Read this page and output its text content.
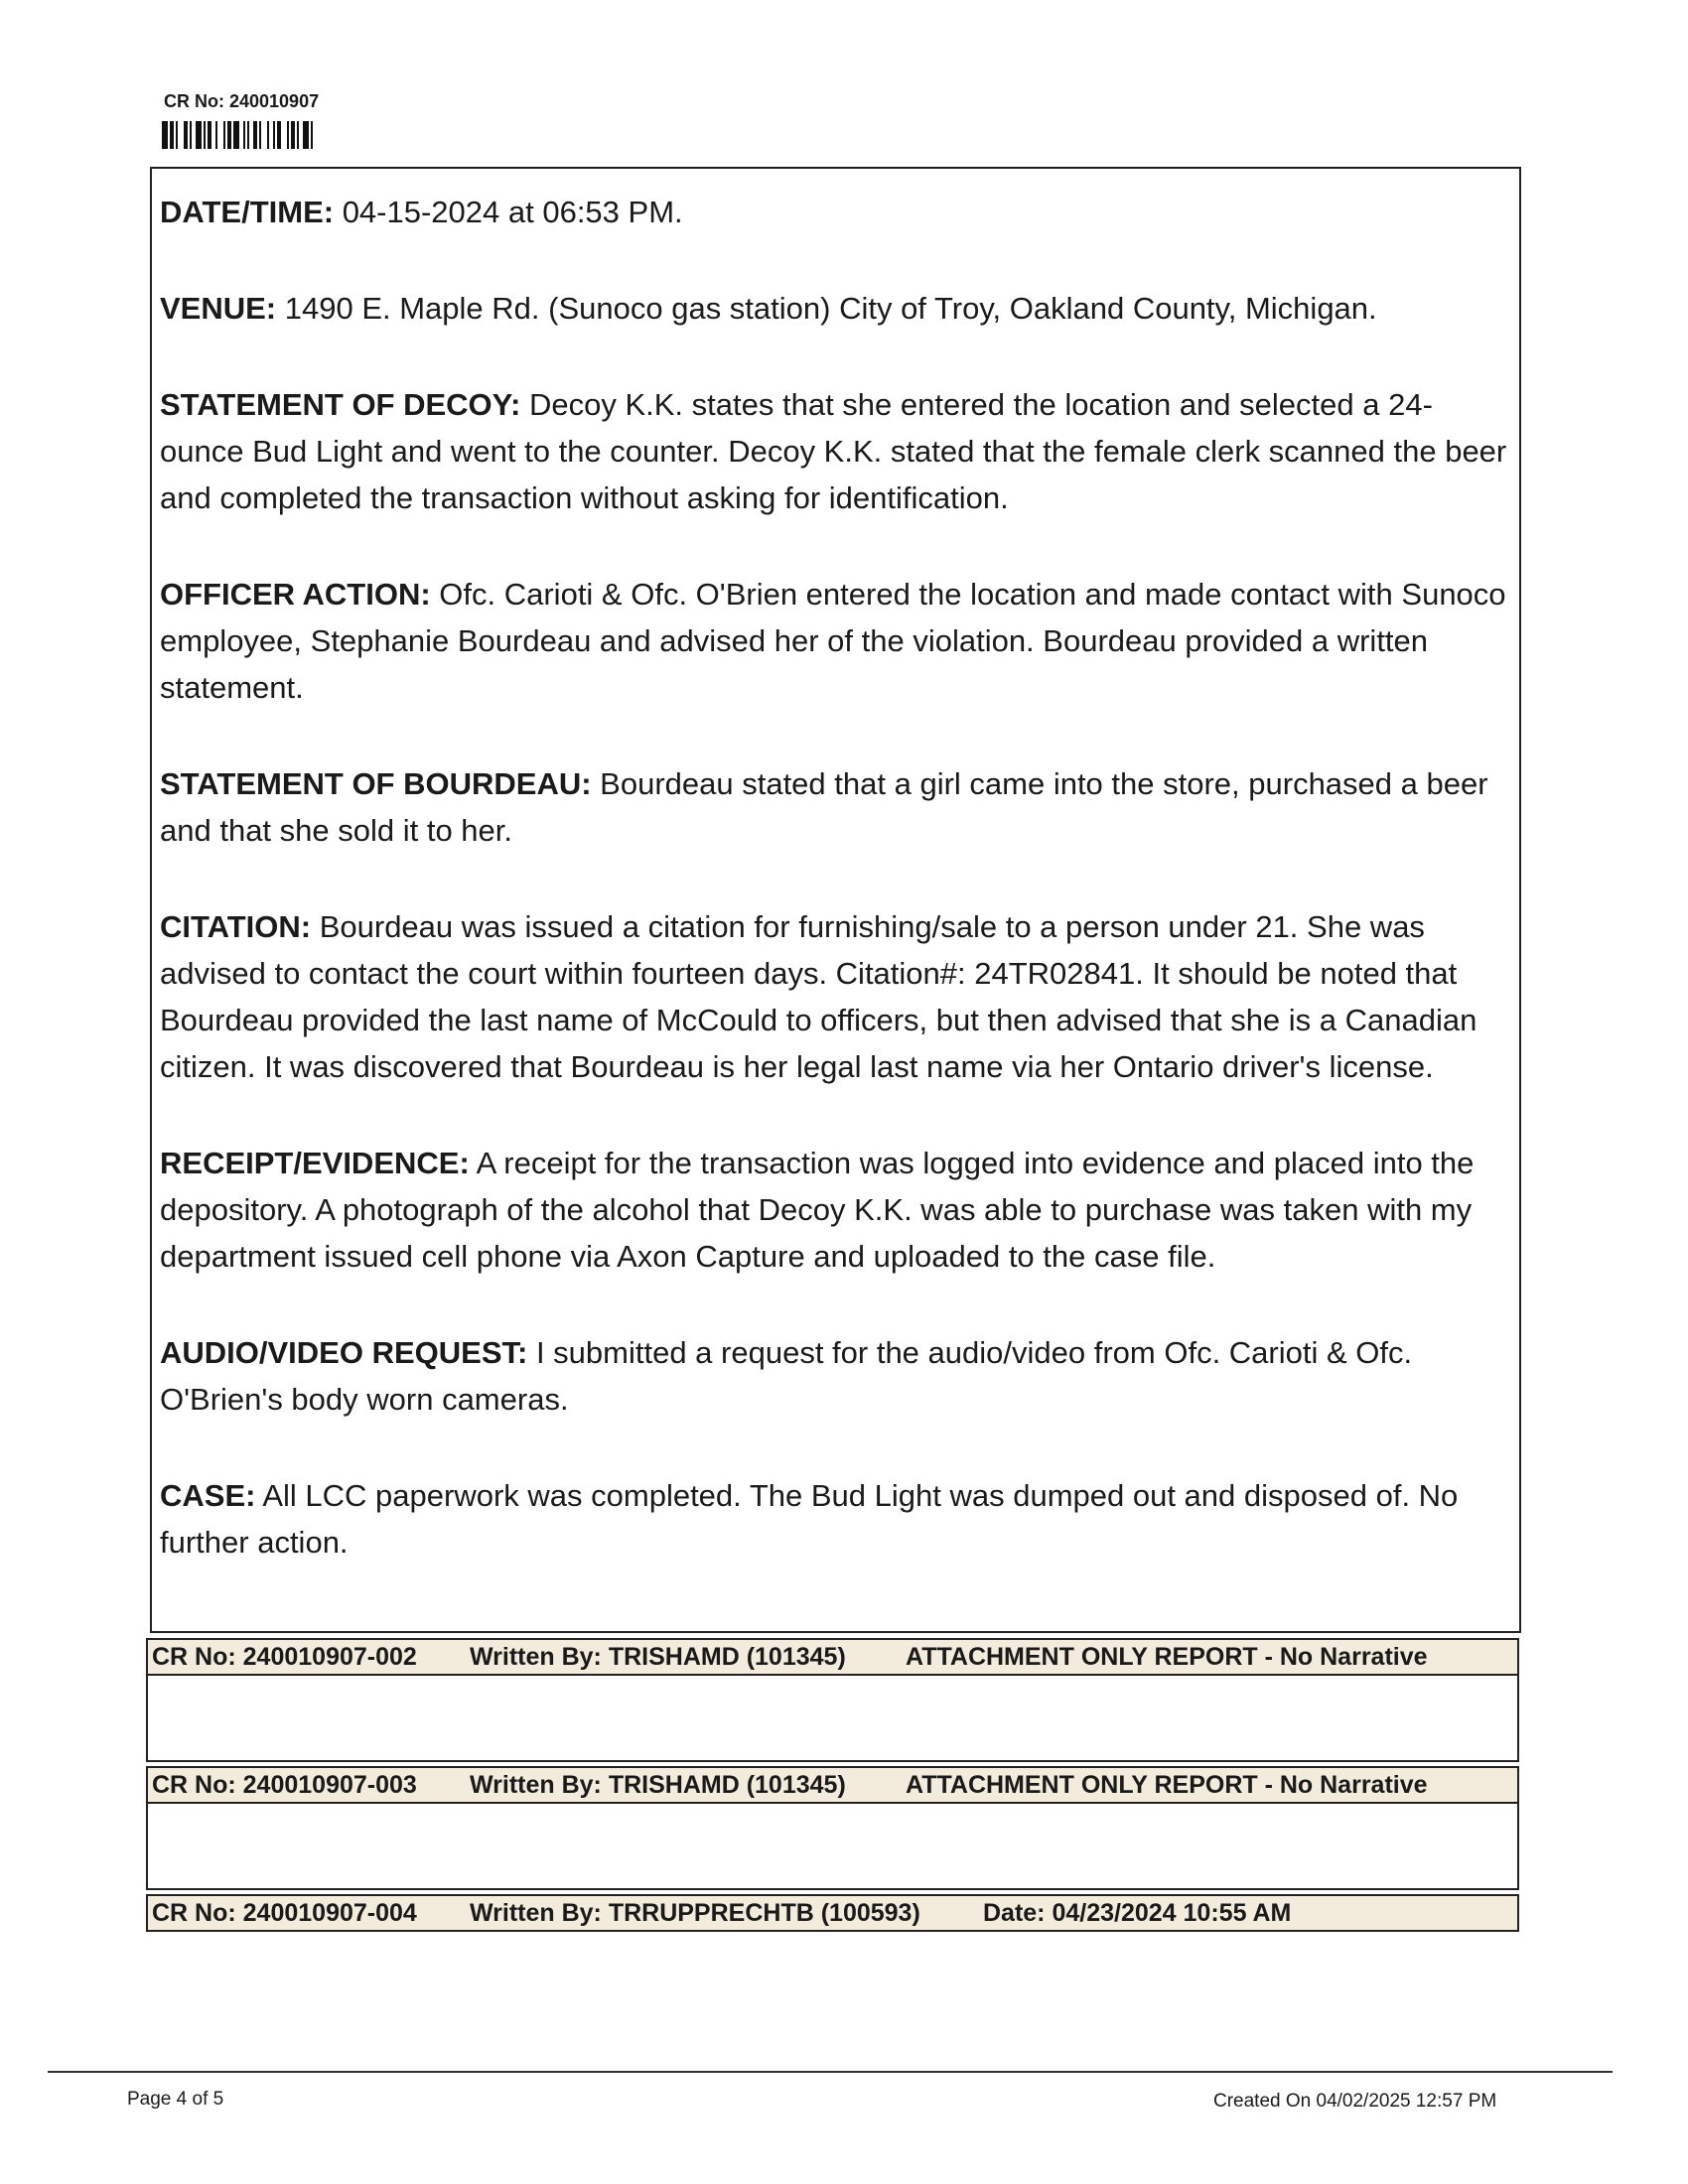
CR No: 240010907

DATE/TIME: 04-15-2024 at 06:53 PM.

VENUE: 1490 E. Maple Rd. (Sunoco gas station) City of Troy, Oakland County, Michigan.

STATEMENT OF DECOY: Decoy K.K. states that she entered the location and selected a 24-ounce Bud Light and went to the counter. Decoy K.K. stated that the female clerk scanned the beer and completed the transaction without asking for identification.

OFFICER ACTION: Ofc. Carioti & Ofc. O'Brien entered the location and made contact with Sunoco employee, Stephanie Bourdeau and advised her of the violation. Bourdeau provided a written statement.

STATEMENT OF BOURDEAU: Bourdeau stated that a girl came into the store, purchased a beer and that she sold it to her.

CITATION: Bourdeau was issued a citation for furnishing/sale to a person under 21. She was advised to contact the court within fourteen days. Citation#: 24TR02841. It should be noted that Bourdeau provided the last name of McCould to officers, but then advised that she is a Canadian citizen. It was discovered that Bourdeau is her legal last name via her Ontario driver's license.

RECEIPT/EVIDENCE: A receipt for the transaction was logged into evidence and placed into the depository. A photograph of the alcohol that Decoy K.K. was able to purchase was taken with my department issued cell phone via Axon Capture and uploaded to the case file.

AUDIO/VIDEO REQUEST: I submitted a request for the audio/video from Ofc. Carioti & Ofc. O'Brien's body worn cameras.

CASE: All LCC paperwork was completed. The Bud Light was dumped out and disposed of. No further action.

CR No: 240010907-002 Written By: TRISHAMD (101345) ATTACHMENT ONLY REPORT - No Narrative
CR No: 240010907-003 Written By: TRISHAMD (101345) ATTACHMENT ONLY REPORT - No Narrative
CR No: 240010907-004 Written By: TRRUPPRECHTB (100593)	Date: 04/23/2024 10:55 AM
Page 4 of 5	Created On 04/02/2025 12:57 PM
